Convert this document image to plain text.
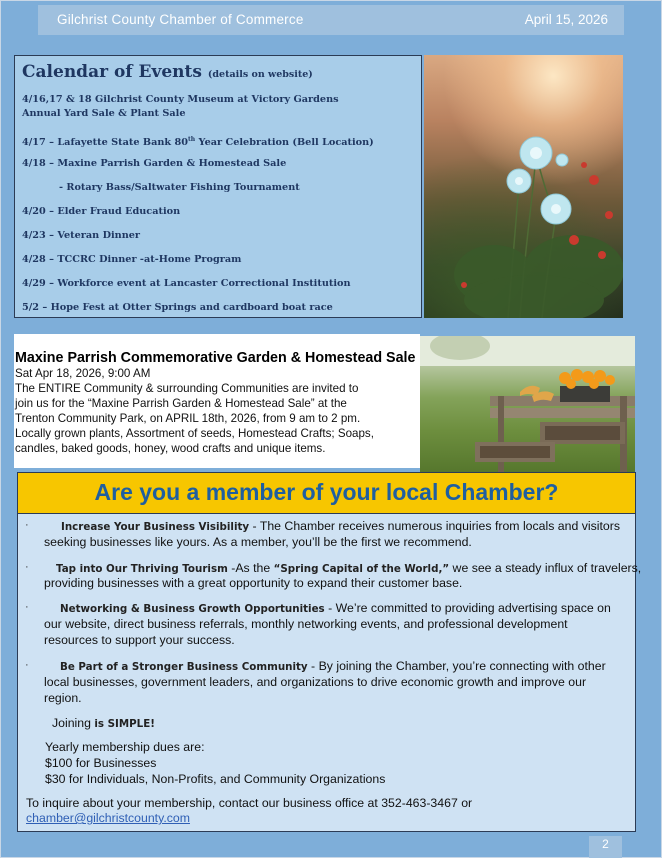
Gilchrist County Chamber of Commerce	April 15, 2026
Calendar of Events (details on website)
4/16,17 & 18 Gilchrist County Museum at Victory Gardens
Annual Yard Sale & Plant Sale
4/17 – Lafayette State Bank 80th Year Celebration (Bell Location)
4/18 – Maxine Parrish Garden & Homestead Sale
- Rotary Bass/Saltwater Fishing Tournament
4/20 – Elder Fraud Education
4/23 – Veteran Dinner
4/28 – TCCRC Dinner -at-Home Program
4/29 – Workforce event at Lancaster Correctional Institution
5/2 – Hope Fest at Otter Springs and cardboard boat race
Maxine Parrish Commemorative Garden & Homestead Sale
Sat Apr 18, 2026, 9:00 AM
The ENTIRE Community & surrounding Communities are invited to
join us for the “Maxine Parrish Garden & Homestead Sale” at the
Trenton Community Park, on APRIL 18th, 2026, from 9 am to 2 pm.
Locally grown plants, Assortment of seeds, Homestead Crafts; Soaps,
candles, baked goods, honey, wood crafts and unique items.
Are you a member of your local Chamber?
·	Increase Your Business Visibility - The Chamber receives numerous inquiries from locals and visitors
seeking businesses like yours. As a member, you’ll be the first we recommend.
·	Tap into Our Thriving Tourism -As the “Spring Capital of the World,” we see a steady influx of travelers,
providing businesses with a great opportunity to expand their customer base.
·	Networking & Business Growth Opportunities - We’re committed to providing advertising space on
our website, direct business referrals, monthly networking events, and professional development
resources to support your success.
·	Be Part of a Stronger Business Community - By joining the Chamber, you’re connecting with other
local businesses, government leaders, and organizations to drive economic growth and improve our
region.
Joining is SIMPLE!
Yearly membership dues are:
$100 for Businesses
$30 for Individuals, Non-Profits, and Community Organizations
To inquire about your membership, contact our business office at 352-463-3467 or
chamber@gilchristcounty.com
2
